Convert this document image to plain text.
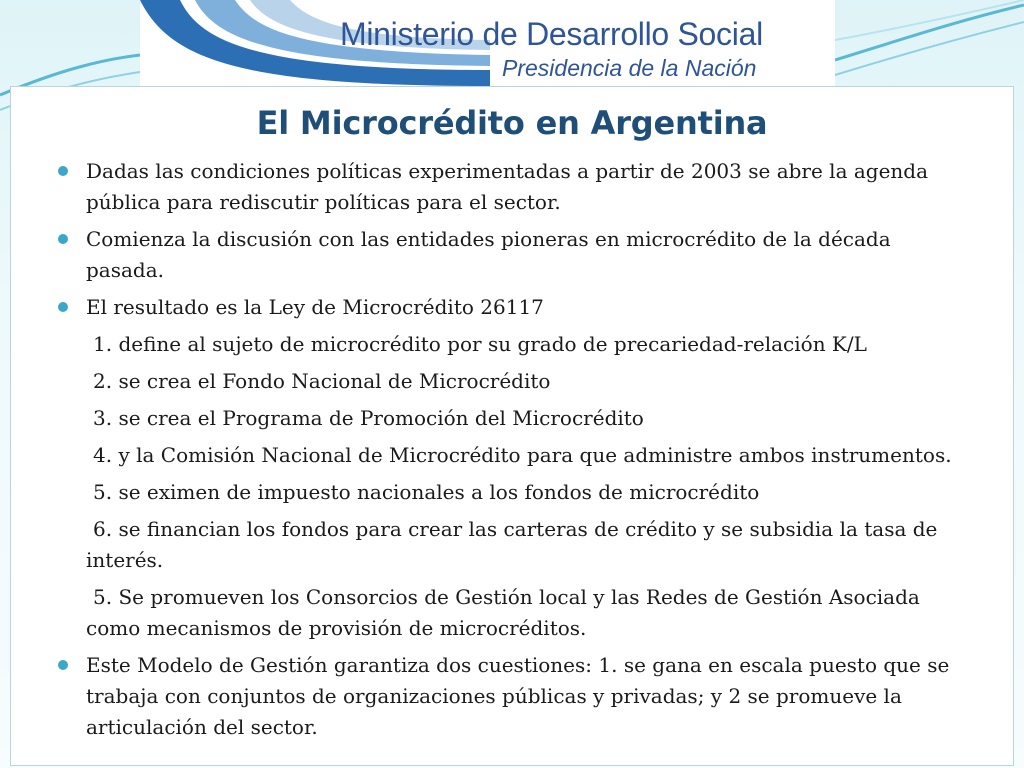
Ministerio de Desarrollo Social
Presidencia de la Nación
El Microcrédito en Argentina
Dadas las condiciones políticas experimentadas a partir de 2003 se abre la agenda pública para rediscutir políticas para el sector.
Comienza la discusión con las entidades pioneras en microcrédito de la década pasada.
El resultado es la Ley de Microcrédito 26117
1. define al sujeto de microcrédito por su grado de precariedad-relación K/L
2. se crea el Fondo Nacional de Microcrédito
3. se crea el Programa de Promoción del Microcrédito
4. y la Comisión Nacional de Microcrédito para que administre ambos instrumentos.
5. se eximen de impuesto nacionales a los fondos de microcrédito
6. se financian los fondos para crear las carteras de crédito y se subsidia la tasa de interés.
5. Se promueven los Consorcios de Gestión local y las Redes de Gestión Asociada como mecanismos de provisión de microcréditos.
Este Modelo de Gestión garantiza dos cuestiones: 1. se gana en escala puesto que se trabaja con conjuntos de organizaciones públicas y privadas; y 2 se promueve la articulación del sector.
